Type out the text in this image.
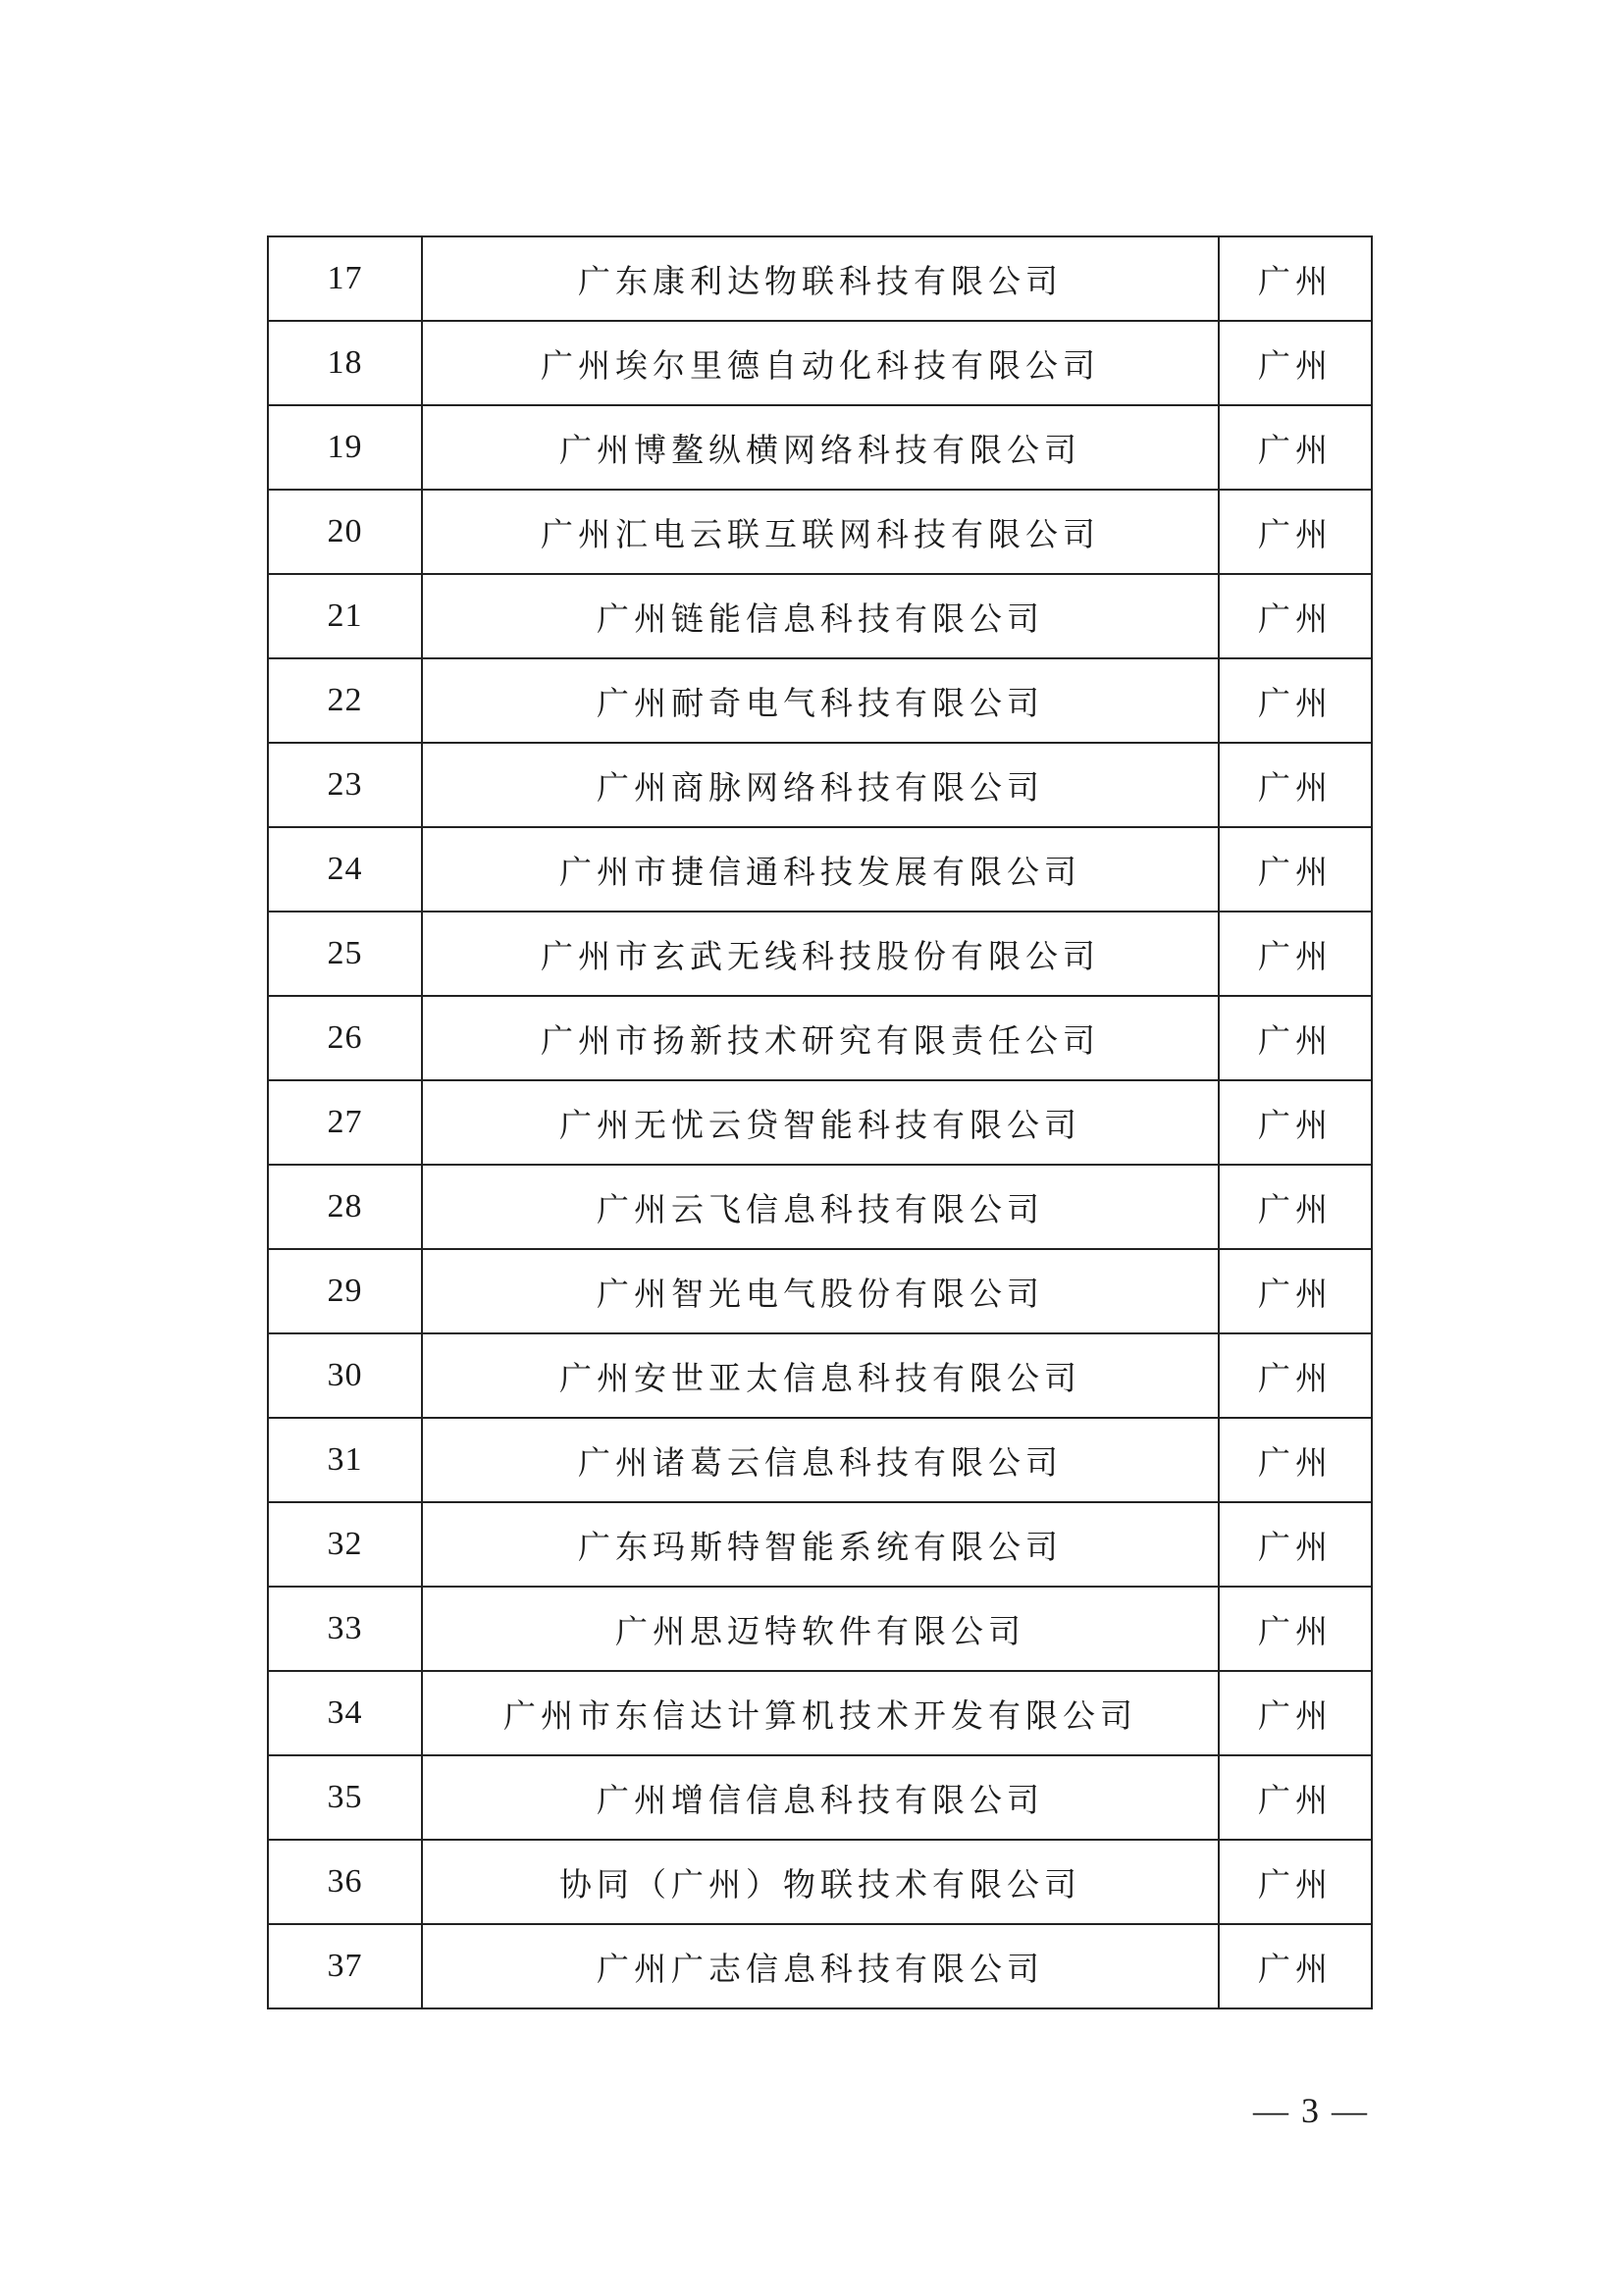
17	广东康利达物联科技有限公司	广州
18	广州埃尔里德自动化科技有限公司	广州
19	广州博鳌纵横网络科技有限公司	广州
20	广州汇电云联互联网科技有限公司	广州
21	广州链能信息科技有限公司	广州
22	广州耐奇电气科技有限公司	广州
23	广州商脉网络科技有限公司	广州
24	广州市捷信通科技发展有限公司	广州
25	广州市玄武无线科技股份有限公司	广州
26	广州市扬新技术研究有限责任公司	广州
27	广州无忧云贷智能科技有限公司	广州
28	广州云飞信息科技有限公司	广州
29	广州智光电气股份有限公司	广州
30	广州安世亚太信息科技有限公司	广州
31	广州诸葛云信息科技有限公司	广州
32	广东玛斯特智能系统有限公司	广州
33	广州思迈特软件有限公司	广州
34	广州市东信达计算机技术开发有限公司	广州
35	广州增信信息科技有限公司	广州
36	协同（广州）物联技术有限公司	广州
37	广州广志信息科技有限公司	广州
— 3 —
